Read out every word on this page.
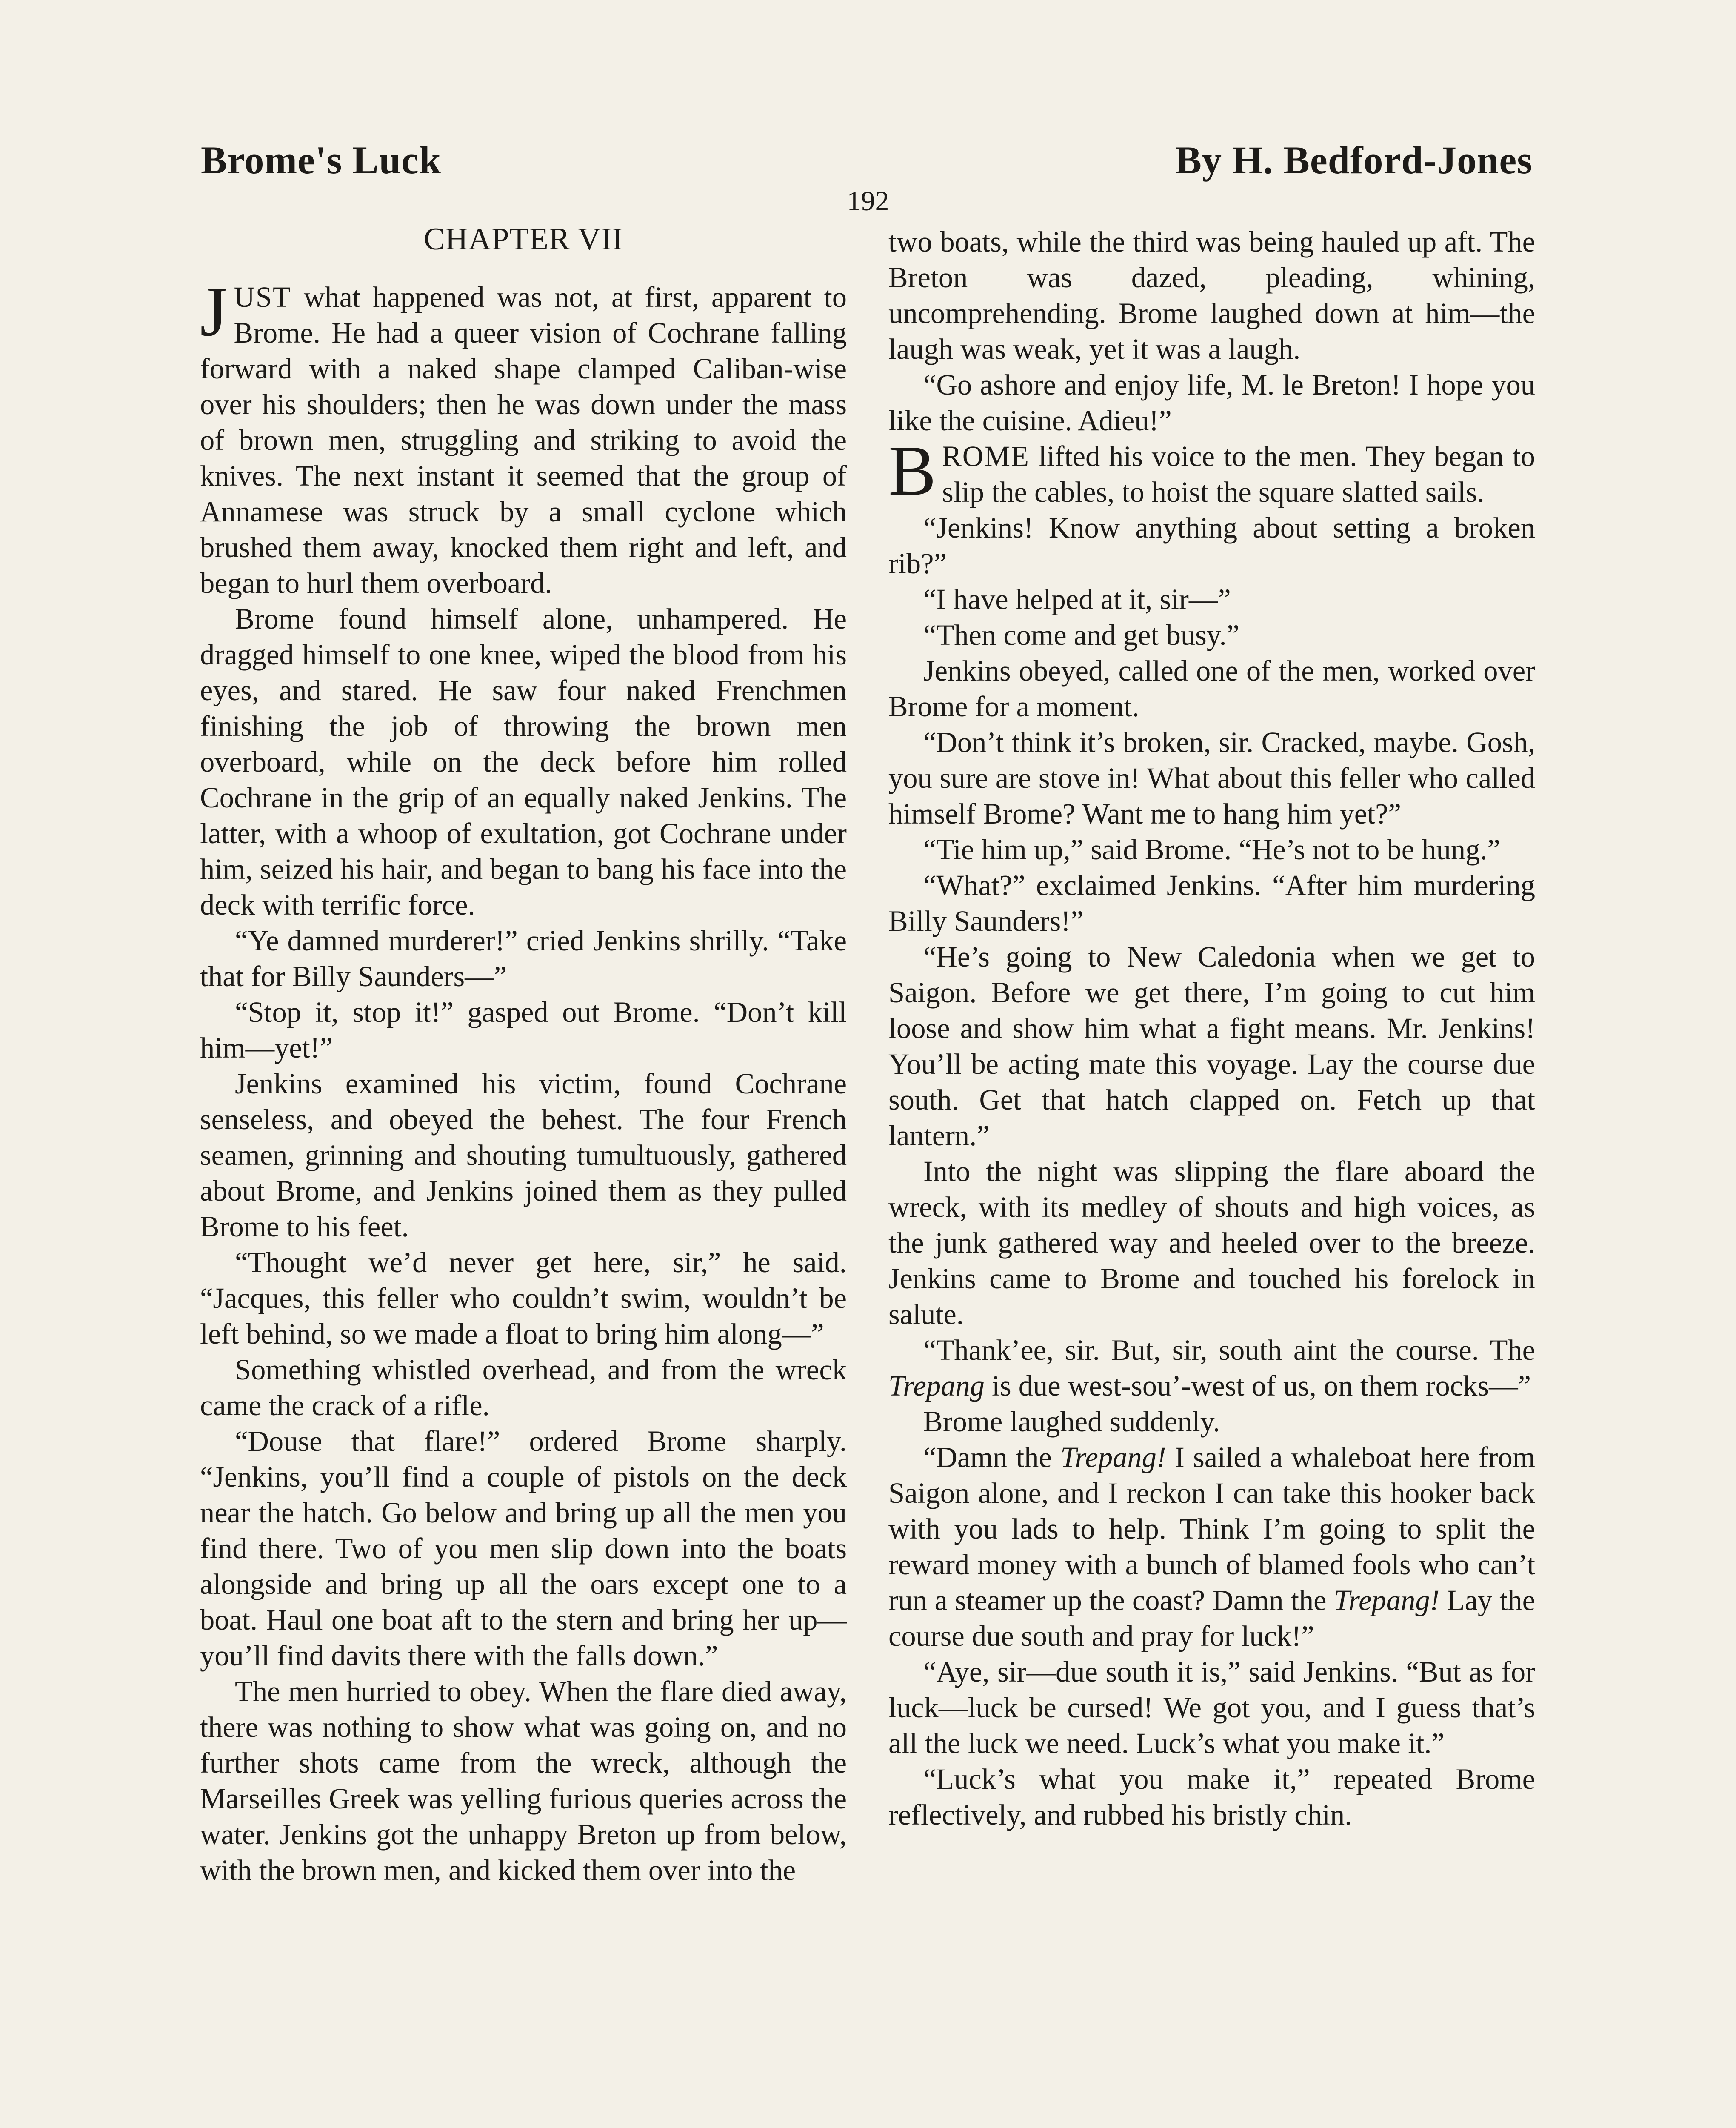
Brome's Luck	By H. Bedford-Jones
192
CHAPTER VII

JUST what happened was not, at first, apparent to Brome. He had a queer vision of Cochrane falling forward with a naked shape clamped Caliban-wise over his shoulders; then he was down under the mass of brown men, struggling and striking to avoid the knives. The next instant it seemed that the group of Annamese was struck by a small cyclone which brushed them away, knocked them right and left, and began to hurl them overboard.

Brome found himself alone, unhampered. He dragged himself to one knee, wiped the blood from his eyes, and stared. He saw four naked Frenchmen finishing the job of throwing the brown men overboard, while on the deck before him rolled Cochrane in the grip of an equally naked Jenkins. The latter, with a whoop of exultation, got Cochrane under him, seized his hair, and began to bang his face into the deck with terrific force.

“Ye damned murderer!” cried Jenkins shrilly. “Take that for Billy Saunders—”

“Stop it, stop it!” gasped out Brome. “Don’t kill him—yet!”

Jenkins examined his victim, found Cochrane senseless, and obeyed the behest. The four French seamen, grinning and shouting tumultuously, gathered about Brome, and Jenkins joined them as they pulled Brome to his feet.

“Thought we’d never get here, sir,” he said. “Jacques, this feller who couldn’t swim, wouldn’t be left behind, so we made a float to bring him along—”

Something whistled overhead, and from the wreck came the crack of a rifle.

“Douse that flare!” ordered Brome sharply. “Jenkins, you’ll find a couple of pistols on the deck near the hatch. Go below and bring up all the men you find there. Two of you men slip down into the boats alongside and bring up all the oars except one to a boat. Haul one boat aft to the stern and bring her up—you’ll find davits there with the falls down.”

The men hurried to obey. When the flare died away, there was nothing to show what was going on, and no further shots came from the wreck, although the Marseilles Greek was yelling furious queries across the water. Jenkins got the unhappy Breton up from below, with the brown men, and kicked them over into the

two boats, while the third was being hauled up aft. The Breton was dazed, pleading, whining, uncomprehending. Brome laughed down at him—the laugh was weak, yet it was a laugh.

“Go ashore and enjoy life, M. le Breton! I hope you like the cuisine. Adieu!”

BROME lifted his voice to the men. They began to slip the cables, to hoist the square slatted sails.

“Jenkins! Know anything about setting a broken rib?”

“I have helped at it, sir—”

“Then come and get busy.”

Jenkins obeyed, called one of the men, worked over Brome for a moment.

“Don’t think it’s broken, sir. Cracked, maybe. Gosh, you sure are stove in! What about this feller who called himself Brome? Want me to hang him yet?”

“Tie him up,” said Brome. “He’s not to be hung.”

“What?” exclaimed Jenkins. “After him murdering Billy Saunders!”

“He’s going to New Caledonia when we get to Saigon. Before we get there, I’m going to cut him loose and show him what a fight means. Mr. Jenkins! You’ll be acting mate this voyage. Lay the course due south. Get that hatch clapped on. Fetch up that lantern.”

Into the night was slipping the flare aboard the wreck, with its medley of shouts and high voices, as the junk gathered way and heeled over to the breeze. Jenkins came to Brome and touched his forelock in salute.

“Thank’ee, sir. But, sir, south aint the course. The Trepang is due west-sou’-west of us, on them rocks—”

Brome laughed suddenly.

“Damn the Trepang! I sailed a whaleboat here from Saigon alone, and I reckon I can take this hooker back with you lads to help. Think I’m going to split the reward money with a bunch of blamed fools who can’t run a steamer up the coast? Damn the Trepang! Lay the course due south and pray for luck!”

“Aye, sir—due south it is,” said Jenkins. “But as for luck—luck be cursed! We got you, and I guess that’s all the luck we need. Luck’s what you make it.”

“Luck’s what you make it,” repeated Brome reflectively, and rubbed his bristly chin.
